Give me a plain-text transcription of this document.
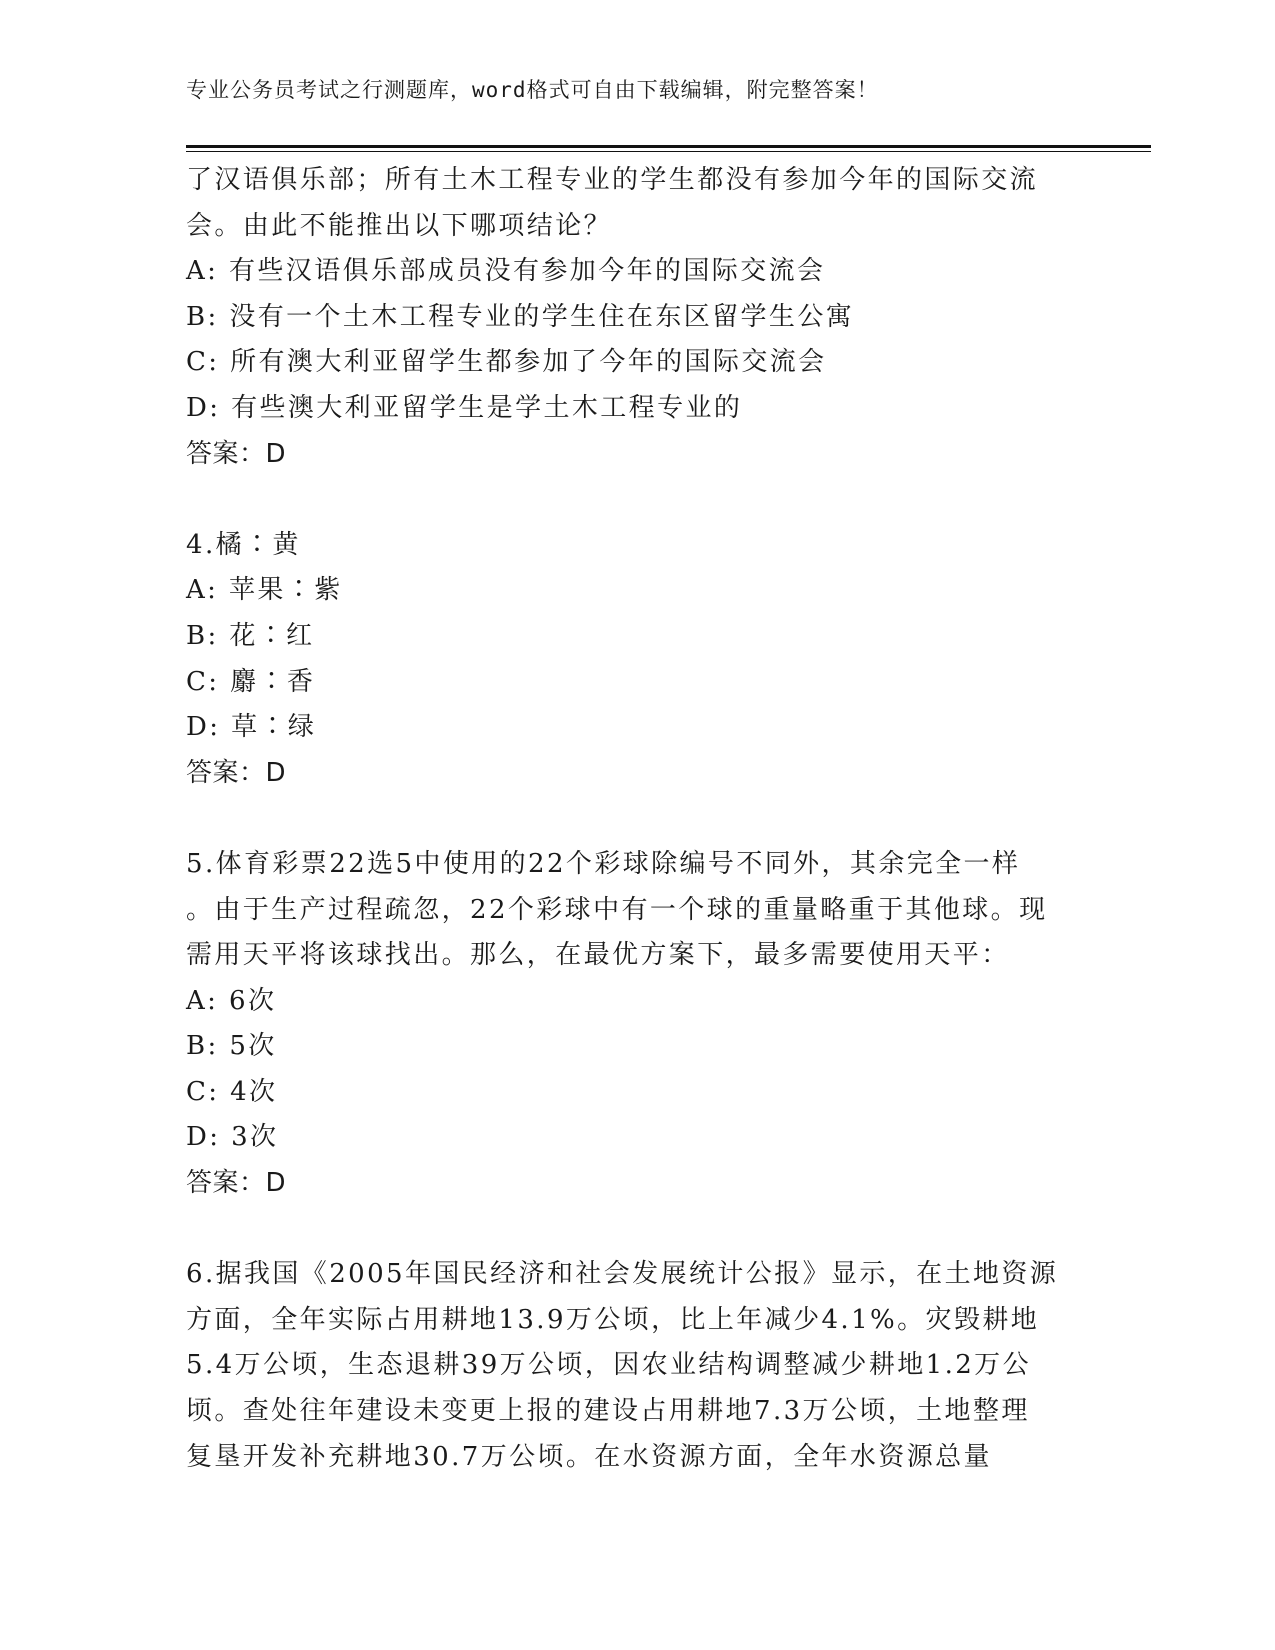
专业公务员考试之行测题库，word格式可自由下载编辑，附完整答案！
了汉语俱乐部；所有土木工程专业的学生都没有参加今年的国际交流
会。由此不能推出以下哪项结论？
A: 有些汉语俱乐部成员没有参加今年的国际交流会
B: 没有一个土木工程专业的学生住在东区留学生公寓
C: 所有澳大利亚留学生都参加了今年的国际交流会
D: 有些澳大利亚留学生是学土木工程专业的
答案：D
4.橘∶黄
A: 苹果∶紫
B: 花∶红
C: 麝∶香
D: 草∶绿
答案：D
5.体育彩票22选5中使用的22个彩球除编号不同外，其余完全一样
。由于生产过程疏忽，22个彩球中有一个球的重量略重于其他球。现
需用天平将该球找出。那么，在最优方案下，最多需要使用天平：
A: 6次
B: 5次
C: 4次
D: 3次
答案：D
6.据我国《2005年国民经济和社会发展统计公报》显示，在土地资源
方面，全年实际占用耕地13.9万公顷，比上年减少4.1%。灾毁耕地
5.4万公顷，生态退耕39万公顷，因农业结构调整减少耕地1.2万公
顷。查处往年建设未变更上报的建设占用耕地7.3万公顷，土地整理
复垦开发补充耕地30.7万公顷。在水资源方面，全年水资源总量
